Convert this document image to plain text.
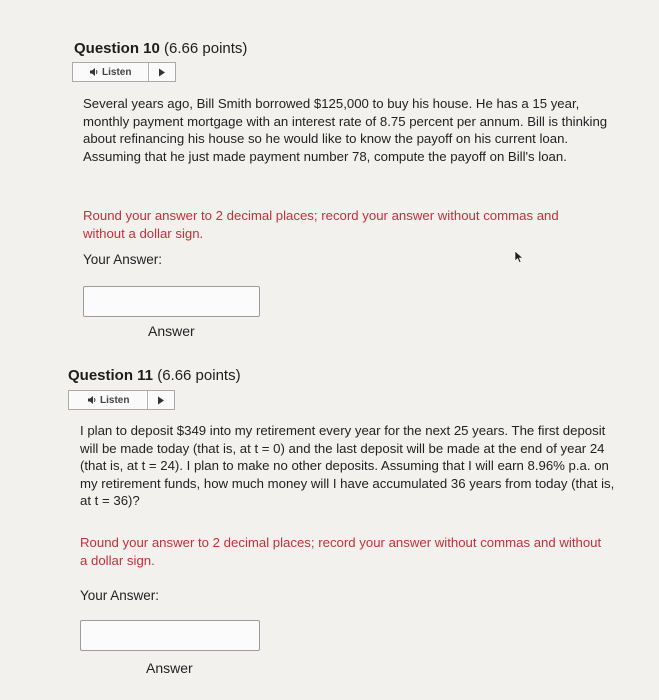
Question 10 (6.66 points)
Listen
Several years ago, Bill Smith borrowed $125,000 to buy his house. He has a 15 year, monthly payment mortgage with an interest rate of 8.75 percent per annum. Bill is thinking about refinancing his house so he would like to know the payoff on his current loan. Assuming that he just made payment number 78, compute the payoff on Bill's loan.
Round your answer to 2 decimal places; record your answer without commas and without a dollar sign.
Your Answer:
Answer
Question 11 (6.66 points)
Listen
I plan to deposit $349 into my retirement every year for the next 25 years. The first deposit will be made today (that is, at t = 0) and the last deposit will be made at the end of year 24 (that is, at t = 24). I plan to make no other deposits. Assuming that I will earn 8.96% p.a. on my retirement funds, how much money will I have accumulated 36 years from today (that is, at t = 36)?
Round your answer to 2 decimal places; record your answer without commas and without a dollar sign.
Your Answer:
Answer
